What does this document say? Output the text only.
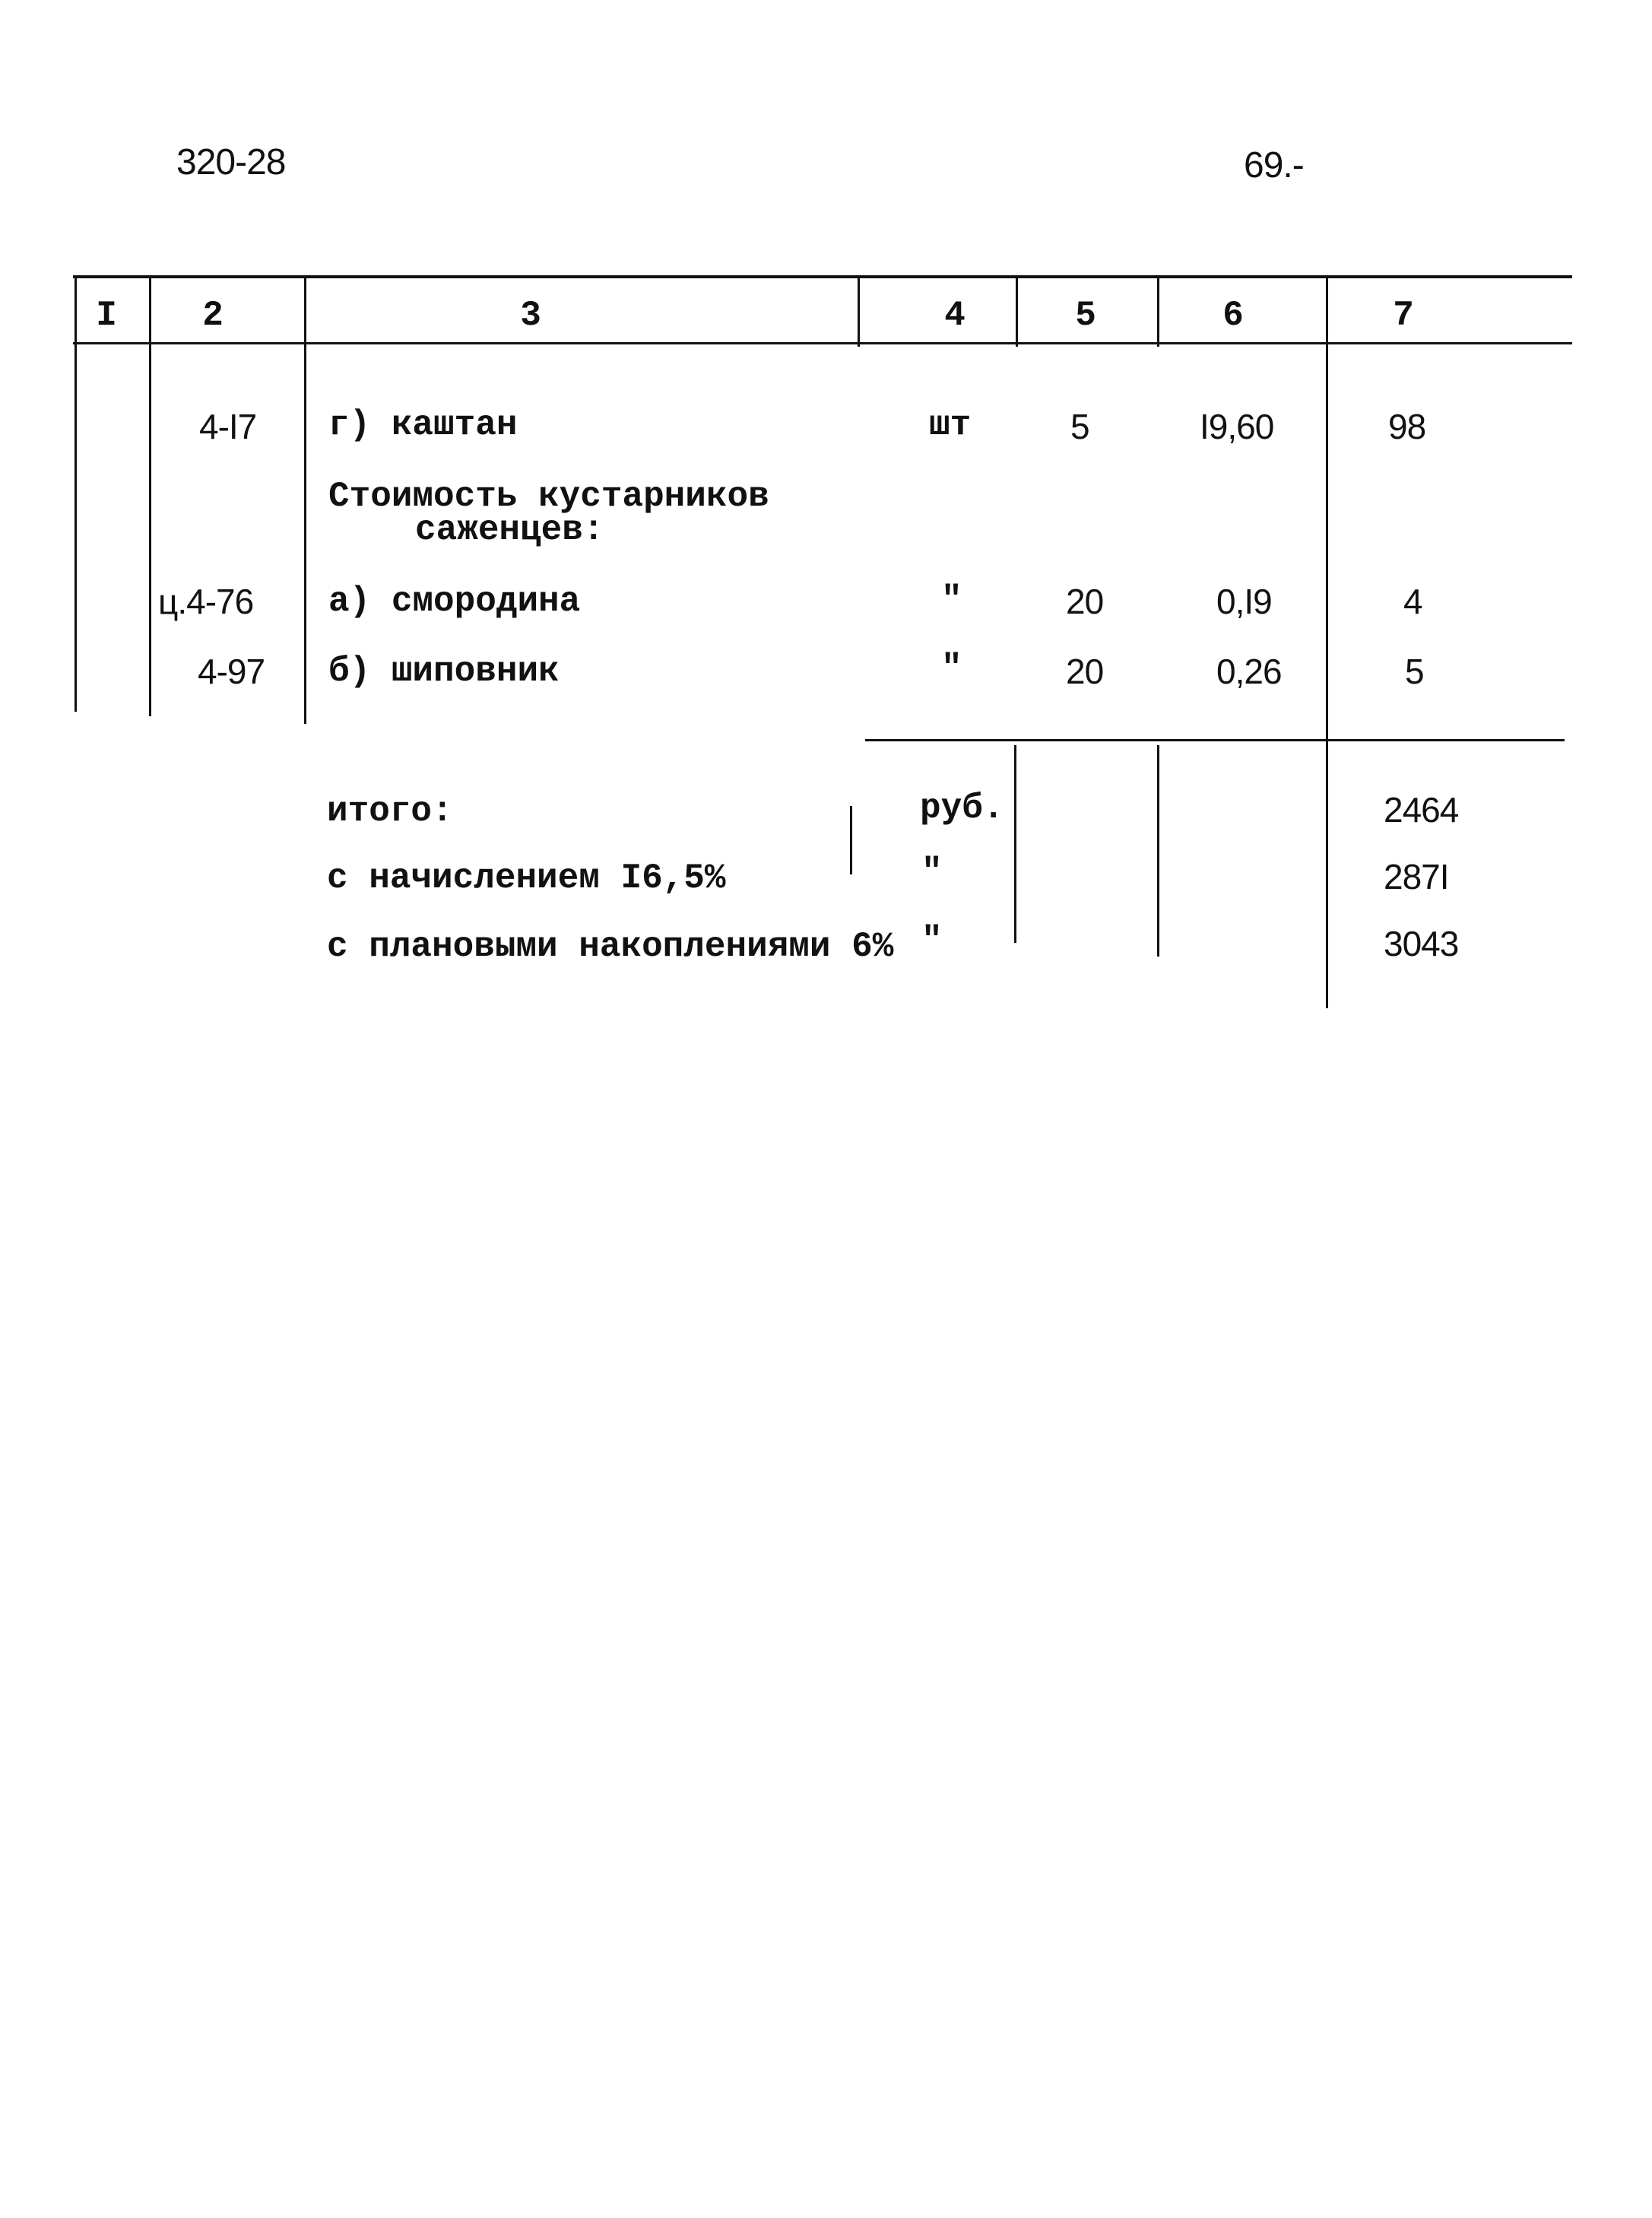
320-28	69.-
I	2	3	4	5	6	7
4-I7 г) каштан	шт	5	I9,60	98
Стоимость кустарников
саженцев:
ц.4-76 а) смородина	"	20	0,I9	4
4-97 б) шиповник	"	20	0,26	5
итого:	руб.	2464
с начислением I6,5%	"	287I
с плановыми накоплениями 6% "	3043
